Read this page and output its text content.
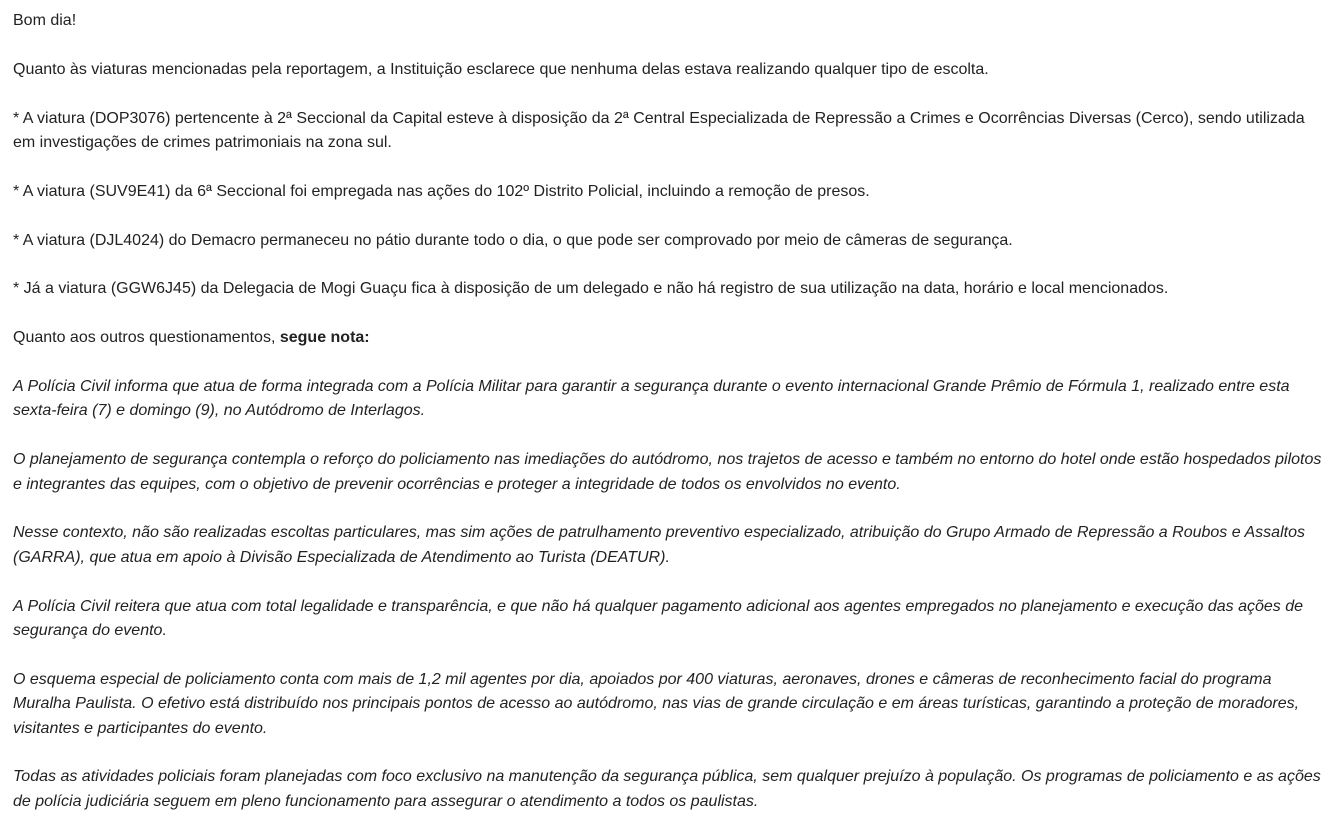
Bom dia!

Quanto às viaturas mencionadas pela reportagem, a Instituição esclarece que nenhuma delas estava realizando qualquer tipo de escolta.

* A viatura (DOP3076) pertencente à 2ª Seccional da Capital esteve à disposição da 2ª Central Especializada de Repressão a Crimes e Ocorrências Diversas (Cerco), sendo utilizada em investigações de crimes patrimoniais na zona sul.

* A viatura (SUV9E41) da 6ª Seccional foi empregada nas ações do 102º Distrito Policial, incluindo a remoção de presos.

* A viatura (DJL4024) do Demacro permaneceu no pátio durante todo o dia, o que pode ser comprovado por meio de câmeras de segurança.

* Já a viatura (GGW6J45) da Delegacia de Mogi Guaçu fica à disposição de um delegado e não há registro de sua utilização na data, horário e local mencionados.

Quanto aos outros questionamentos, segue nota:

A Polícia Civil informa que atua de forma integrada com a Polícia Militar para garantir a segurança durante o evento internacional Grande Prêmio de Fórmula 1, realizado entre esta sexta-feira (7) e domingo (9), no Autódromo de Interlagos.

O planejamento de segurança contempla o reforço do policiamento nas imediações do autódromo, nos trajetos de acesso e também no entorno do hotel onde estão hospedados pilotos e integrantes das equipes, com o objetivo de prevenir ocorrências e proteger a integridade de todos os envolvidos no evento.

Nesse contexto, não são realizadas escoltas particulares, mas sim ações de patrulhamento preventivo especializado, atribuição do Grupo Armado de Repressão a Roubos e Assaltos (GARRA), que atua em apoio à Divisão Especializada de Atendimento ao Turista (DEATUR).

A Polícia Civil reitera que atua com total legalidade e transparência, e que não há qualquer pagamento adicional aos agentes empregados no planejamento e execução das ações de segurança do evento.

O esquema especial de policiamento conta com mais de 1,2 mil agentes por dia, apoiados por 400 viaturas, aeronaves, drones e câmeras de reconhecimento facial do programa Muralha Paulista. O efetivo está distribuído nos principais pontos de acesso ao autódromo, nas vias de grande circulação e em áreas turísticas, garantindo a proteção de moradores, visitantes e participantes do evento.

Todas as atividades policiais foram planejadas com foco exclusivo na manutenção da segurança pública, sem qualquer prejuízo à população. Os programas de policiamento e as ações de polícia judiciária seguem em pleno funcionamento para assegurar o atendimento a todos os paulistas.
